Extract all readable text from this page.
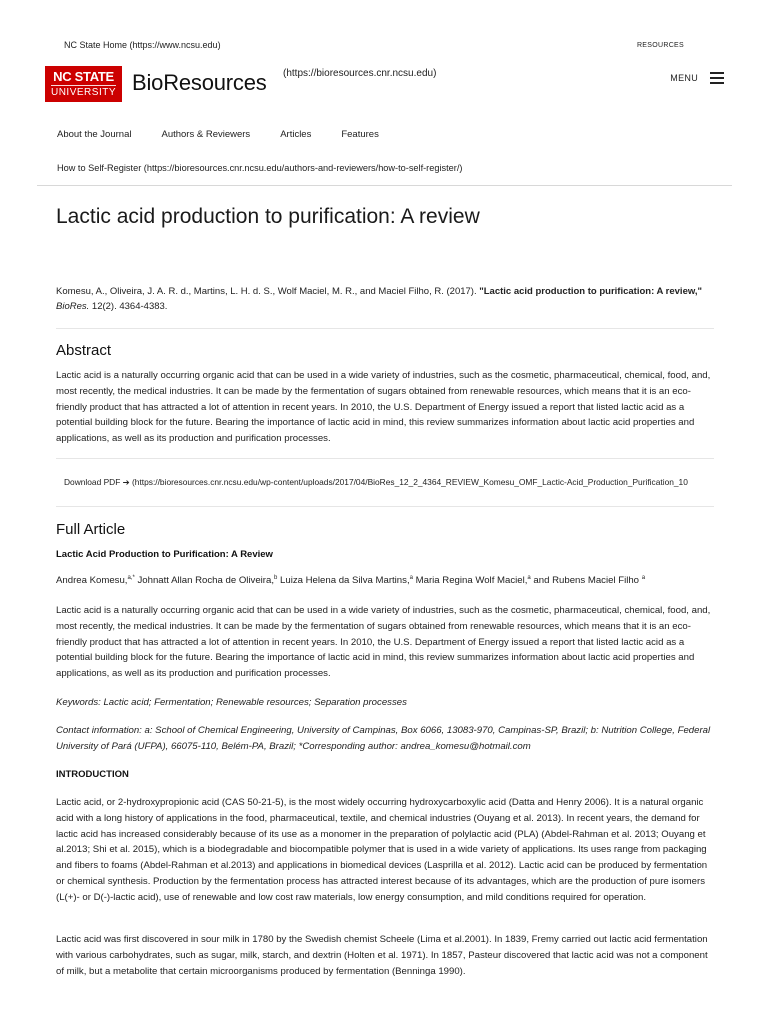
NC State Home (https://www.ncsu.edu)	RESOURCES
NC STATE
UNIVERSITY BioResources (https://bioresources.cnr.ncsu.edu)	MENU
About the Journal	Authors & Reviewers	Articles	Features
How to Self-Register (https://bioresources.cnr.ncsu.edu/authors-and-reviewers/how-to-self-register/)
Lactic acid production to purification: A review

Komesu, A., Oliveira, J. A. R. d., Martins, L. H. d. S., Wolf Maciel, M. R., and Maciel Filho, R. (2017). "Lactic acid production to purification: A review," BioRes. 12(2). 4364-4383.

Abstract

Lactic acid is a naturally occurring organic acid that can be used in a wide variety of industries, such as the cosmetic, pharmaceutical, chemical, food, and, most recently, the medical industries. It can be made by the fermentation of sugars obtained from renewable resources, which means that it is an eco-friendly product that has attracted a lot of attention in recent years. In 2010, the U.S. Department of Energy issued a report that listed lactic acid as a potential building block for the future. Bearing the importance of lactic acid in mind, this review summarizes information about lactic acid properties and applications, as well as its production and purification processes.

Download PDF ➔ (https://bioresources.cnr.ncsu.edu/wp-content/uploads/2017/04/BioRes_12_2_4364_REVIEW_Komesu_OMF_Lactic-Acid_Production_Purification_10
Full Article
Lactic Acid Production to Purification: A Review
Andrea Komesu,$^{a,*}$ Johnatt Allan Rocha de Oliveira,$^b$ Luiza Helena da Silva Martins,$^a$ Maria Regina Wolf Maciel,$^a$ and Rubens Maciel Filho $^a$

Lactic acid is a naturally occurring organic acid that can be used in a wide variety of industries, such as the cosmetic, pharmaceutical, chemical, food, and, most recently, the medical industries. It can be made by the fermentation of sugars obtained from renewable resources, which means that it is an eco-friendly product that has attracted a lot of attention in recent years. In 2010, the U.S. Department of Energy issued a report that listed lactic acid as a potential building block for the future. Bearing the importance of lactic acid in mind, this review summarizes information about lactic acid properties and applications, as well as its production and purification processes.

Keywords: Lactic acid; Fermentation; Renewable resources; Separation processes

Contact information: a: School of Chemical Engineering, University of Campinas, Box 6066, 13083-970, Campinas-SP, Brazil; b: Nutrition College, Federal University of Pará (UFPA), 66075-110, Belém-PA, Brazil; *Corresponding author: andrea_komesu@hotmail.com

INTRODUCTION

Lactic acid, or 2-hydroxypropionic acid (CAS 50-21-5), is the most widely occurring hydroxycarboxylic acid (Datta and Henry 2006). It is a natural organic acid with a long history of applications in the food, pharmaceutical, textile, and chemical industries (Ouyang et al. 2013). In recent years, the demand for lactic acid has increased considerably because of its use as a monomer in the preparation of polylactic acid (PLA) (Abdel-Rahman et al. 2013; Ouyang et al.2013; Shi et al. 2015), which is a biodegradable and biocompatible polymer that is used in a wide variety of applications. Its uses range from packaging and fibers to foams (Abdel-Rahman et al.2013) and applications in biomedical devices (Lasprilla et al. 2012). Lactic acid can be produced by fermentation or chemical synthesis. Production by the fermentation process has attracted interest because of its advantages, which are the production of pure isomers (L(+)- or D(-)-lactic acid), use of renewable and low cost raw materials, low energy consumption, and mild conditions required for operation.

Lactic acid was first discovered in sour milk in 1780 by the Swedish chemist Scheele (Lima et al.2001). In 1839, Fremy carried out lactic acid fermentation with various carbohydrates, such as sugar, milk, starch, and dextrin (Holten et al. 1971). In 1857, Pasteur discovered that lactic acid was not a component of milk, but a metabolite that certain microorganisms produced by fermentation (Benninga 1990).
